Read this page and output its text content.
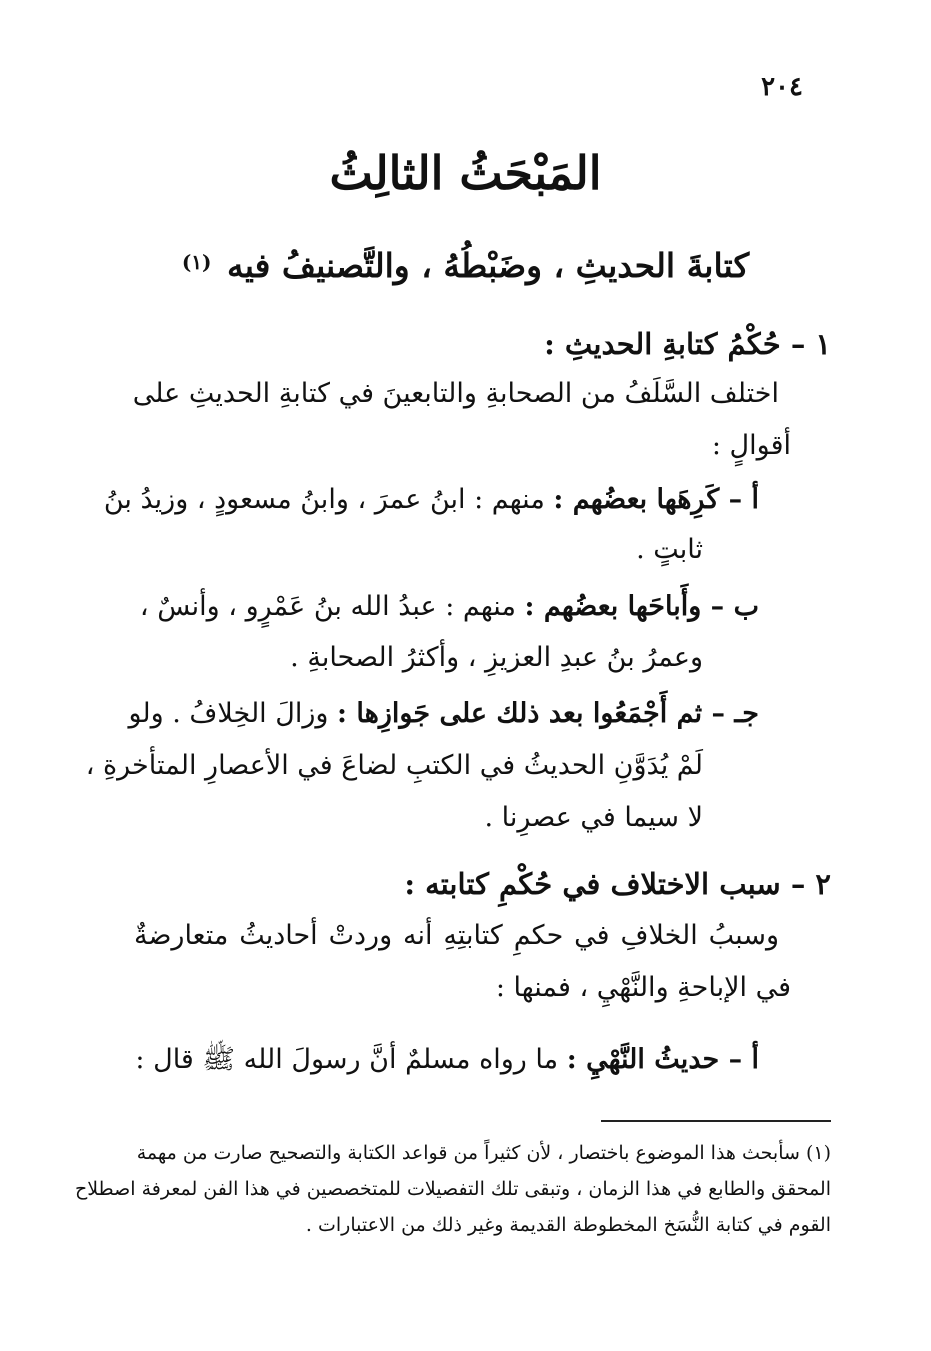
٢٠٤
المَبْحَثُ الثالِثُ
كتابةَ الحديثِ ، وضَبْطُهُ ، والتَّصنيفُ فيه $^{(١)}$
١ – حُكْمُ كتابةِ الحديثِ :
اختلف السَّلَفُ من الصحابةِ والتابعينَ في كتابةِ الحديثِ على
أقوالٍ :
أ – كَرِهَها بعضُهم : منهم : ابنُ عمرَ ، وابنُ مسعودٍ ، وزيدُ بنُ
ثابتٍ .
ب – وأَباحَها بعضُهم : منهم : عبدُ الله بنُ عَمْرٍو ، وأنسٌ ،
وعمرُ بنُ عبدِ العزيزِ ، وأكثرُ الصحابةِ .
جـ – ثم أَجْمَعُوا بعد ذلك على جَوازِها : وزالَ الخِلافُ . ولو
لَمْ يُدَوَّنِ الحديثُ في الكتبِ لضاعَ في الأعصارِ المتأخرةِ ،
لا سيما في عصرِنا .
٢ – سبب الاختلاف في حُكْمِ كتابته :
وسببُ الخلافِ في حكمِ كتابتِهِ أنه وردتْ أحاديثُ متعارضةٌ
في الإباحةِ والنَّهْيِ ، فمنها :
أ – حديثُ النَّهْيِ : ما رواه مسلمٌ أنَّ رسولَ الله ﷺ قال :
(١) سأبحث هذا الموضوع باختصار ، لأن كثيراً من قواعد الكتابة والتصحيح صارت من مهمة
المحقق والطابع في هذا الزمان ، وتبقى تلك التفصيلات للمتخصصين في هذا الفن لمعرفة اصطلاح
القوم في كتابة النُّسَخ المخطوطة القديمة وغير ذلك من الاعتبارات .
